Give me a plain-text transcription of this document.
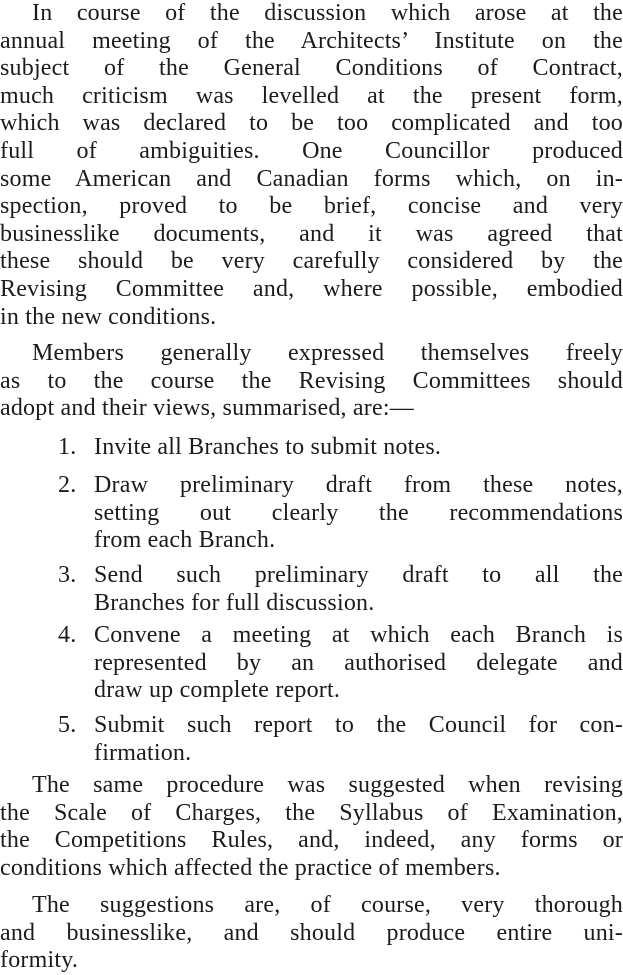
In course of the discussion which arose at the
annual meeting of the Architects’ Institute on the
subject of the General Conditions of Contract,
much criticism was levelled at the present form,
which was declared to be too complicated and too
full of ambiguities. One Councillor produced
some American and Canadian forms which, on in-
spection, proved to be brief, concise and very
businesslike documents, and it was agreed that
these should be very carefully considered by the
Revising Committee and, where possible, embodied
in the new conditions.

Members generally expressed themselves freely
as to the course the Revising Committees should
adopt and their views, summarised, are:—

1. Invite all Branches to submit notes.
2. Draw preliminary draft from these notes,
setting out clearly the recommendations
from each Branch.
3. Send such preliminary draft to all the
Branches for full discussion.
4. Convene a meeting at which each Branch is
represented by an authorised delegate and
draw up complete report.
5. Submit such report to the Council for con-
firmation.

The same procedure was suggested when revising
the Scale of Charges, the Syllabus of Examination,
the Competitions Rules, and, indeed, any forms or
conditions which affected the practice of members.

The suggestions are, of course, very thorough
and businesslike, and should produce entire uni-
formity.
